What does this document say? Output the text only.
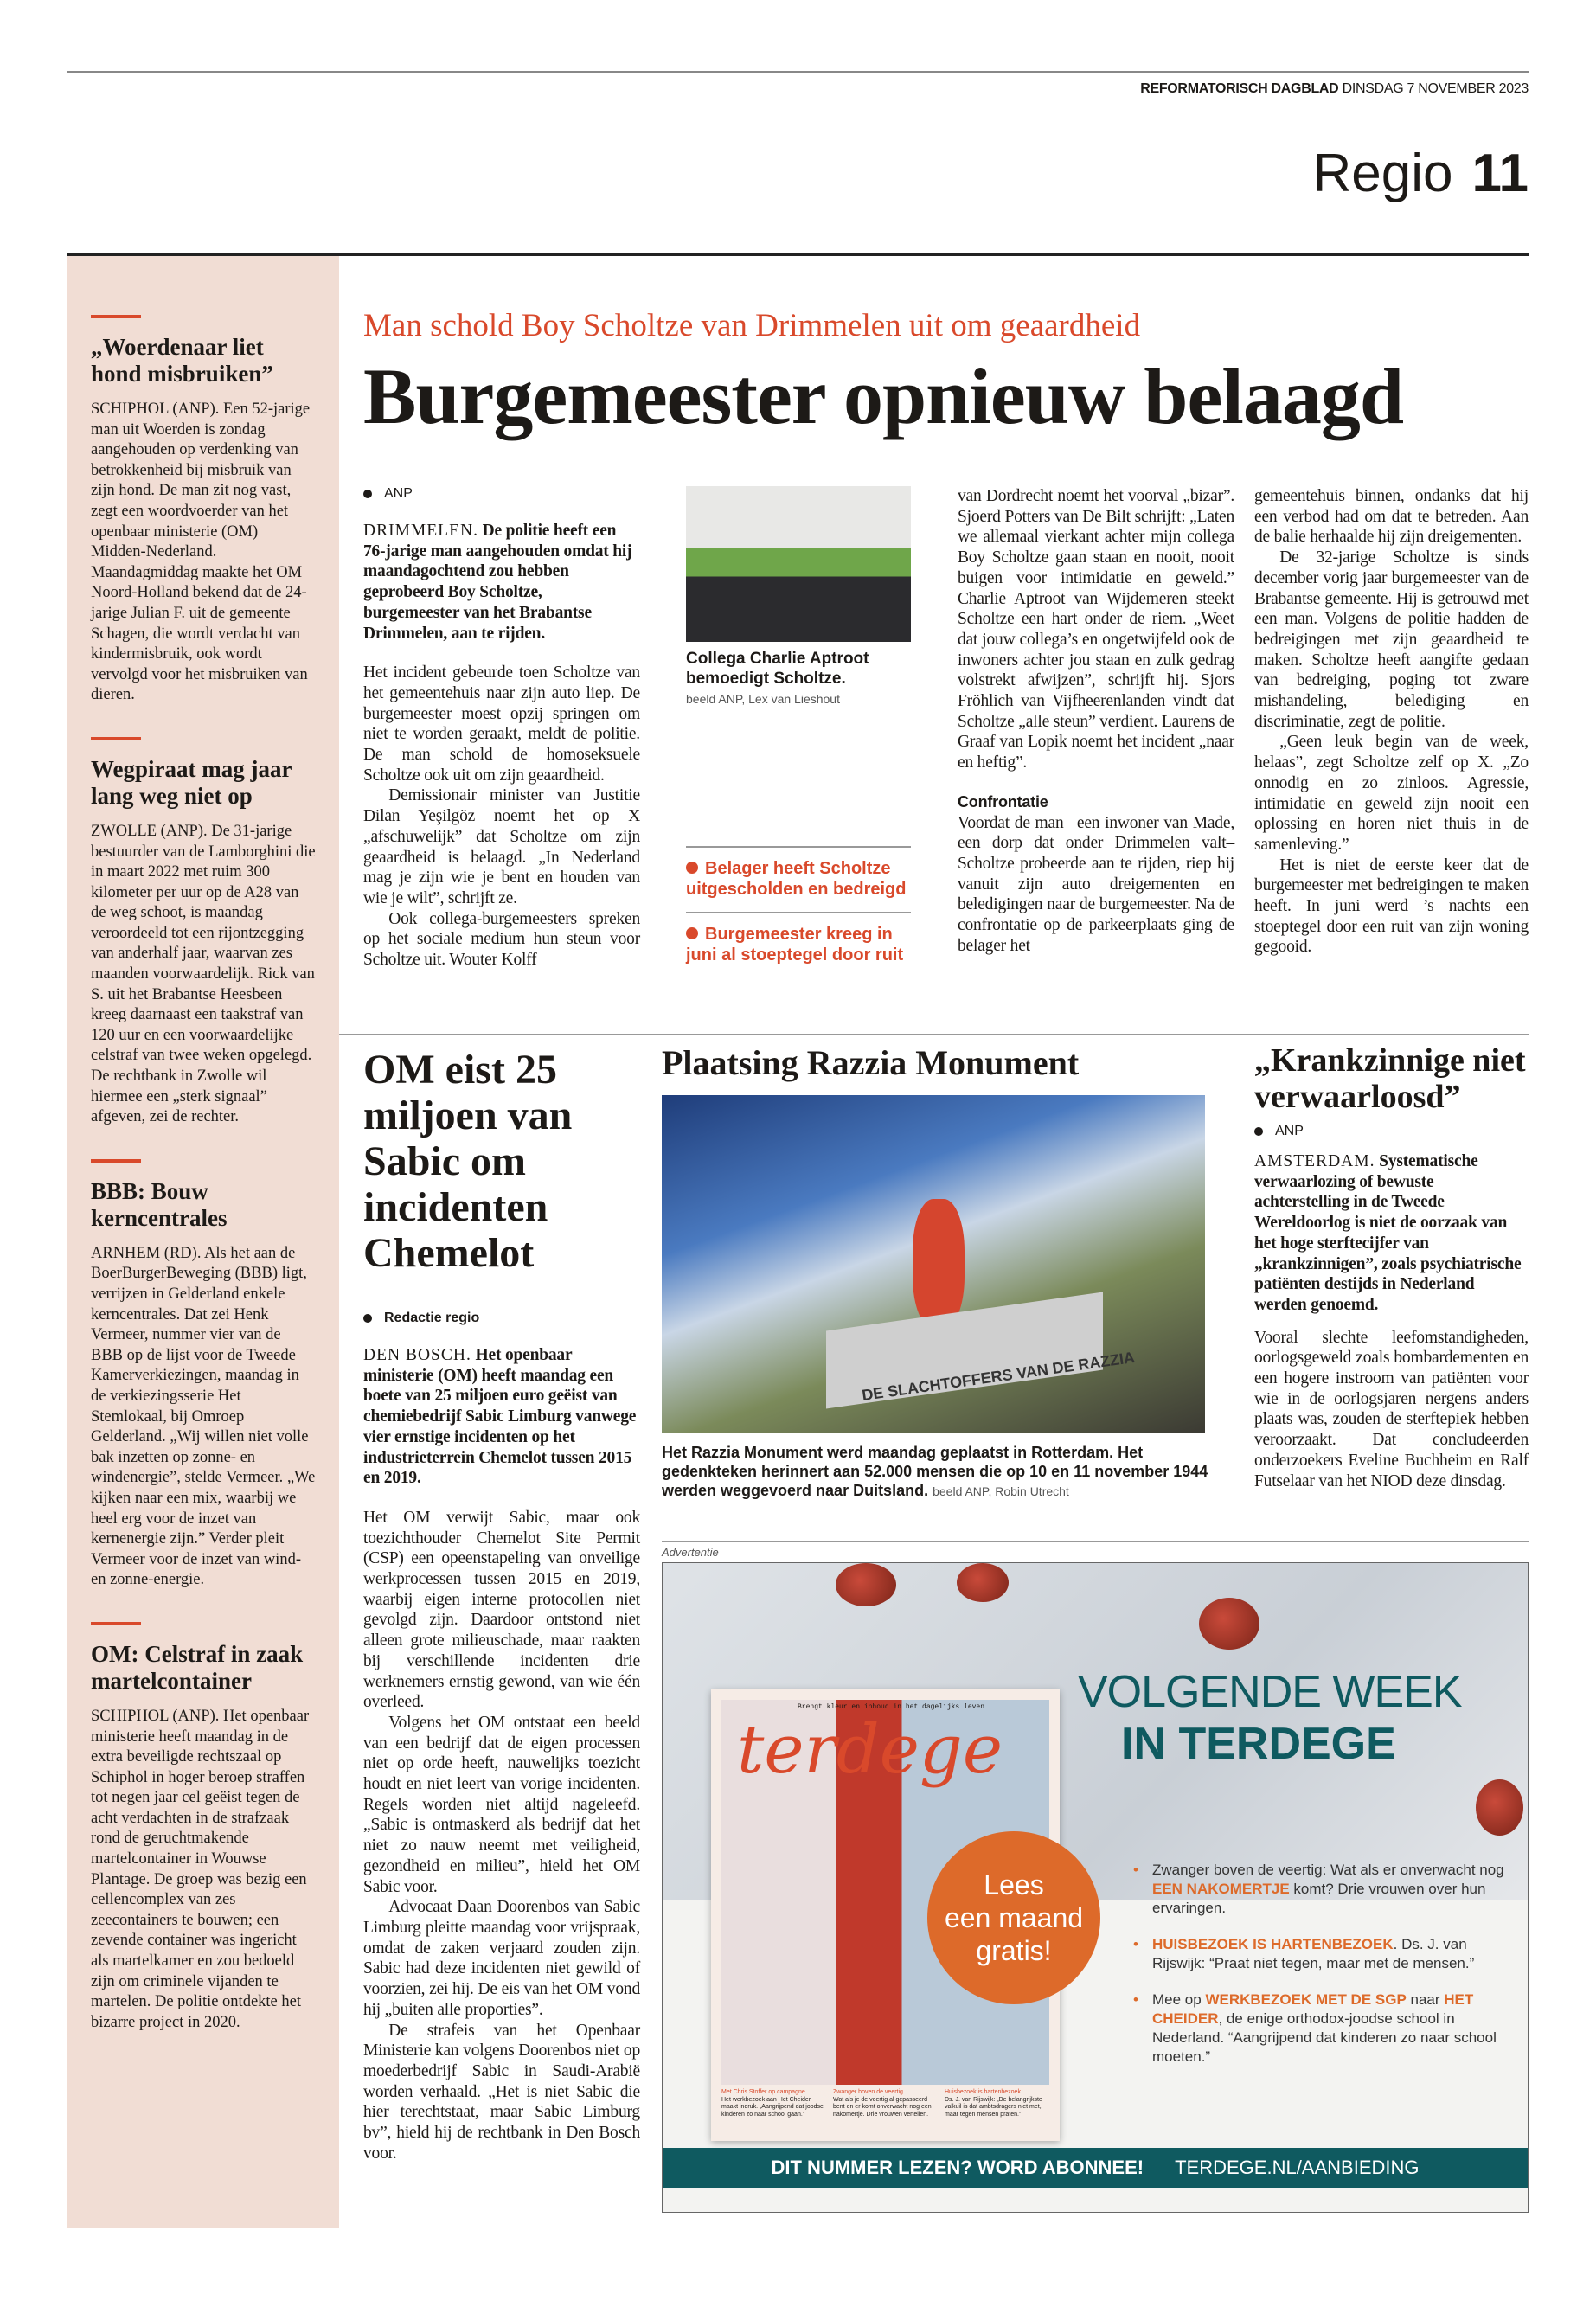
REFORMATORISCH DAGBLAD DINSDAG 7 NOVEMBER 2023
Regio 11
„Woerdenaar liet hond misbruiken”

SCHIPHOL (ANP). Een 52-jarige man uit Woerden is zondag aangehouden op verdenking van betrokkenheid bij misbruik van zijn hond. De man zit nog vast, zegt een woordvoerder van het openbaar ministerie (OM) Midden-Nederland. Maandagmiddag maakte het OM Noord-Holland bekend dat de 24-jarige Julian F. uit de gemeente Schagen, die wordt verdacht van kindermisbruik, ook wordt vervolgd voor het misbruiken van dieren.

Wegpiraat mag jaar lang weg niet op

ZWOLLE (ANP). De 31-jarige bestuurder van de Lamborghini die in maart 2022 met ruim 300 kilometer per uur op de A28 van de weg schoot, is maandag veroordeeld tot een rijontzegging van anderhalf jaar, waarvan zes maanden voorwaardelijk. Rick van S. uit het Brabantse Heesbeen kreeg daarnaast een taakstraf van 120 uur en een voorwaardelijke celstraf van twee weken opgelegd. De rechtbank in Zwolle wil hiermee een „sterk signaal” afgeven, zei de rechter.

BBB: Bouw kerncentrales

ARNHEM (RD). Als het aan de BoerBurgerBeweging (BBB) ligt, verrijzen in Gelderland enkele kerncentrales. Dat zei Henk Vermeer, nummer vier van de BBB op de lijst voor de Tweede Kamerverkiezingen, maandag in de verkiezingsserie Het Stemlokaal, bij Omroep Gelderland. „Wij willen niet volle bak inzetten op zonne- en windenergie”, stelde Vermeer. „We kijken naar een mix, waarbij we heel erg voor de inzet van kernenergie zijn.” Verder pleit Vermeer voor de inzet van wind- en zonne-energie.

OM: Celstraf in zaak martelcontainer

SCHIPHOL (ANP). Het openbaar ministerie heeft maandag in de extra beveiligde rechtszaal op Schiphol in hoger beroep straffen tot negen jaar cel geëist tegen de acht verdachten in de strafzaak rond de geruchtmakende martelcontainer in Wouwse Plantage. De groep was bezig een cellencomplex van zes zeecontainers te bouwen; een zevende container was ingericht als martelkamer en zou bedoeld zijn om criminele vijanden te martelen. De politie ontdekte het bizarre project in 2020.

Man schold Boy Scholtze van Drimmelen uit om geaardheid
Burgemeester opnieuw belaagd
ANP

DRIMMELEN. De politie heeft een 76-jarige man aangehouden omdat hij maandagochtend zou hebben geprobeerd Boy Scholtze, burgemeester van het Brabantse Drimmelen, aan te rijden.

Het incident gebeurde toen Scholtze van het gemeentehuis naar zijn auto liep. De burgemeester moest opzij springen om niet te worden geraakt, meldt de politie. De man schold de homoseksuele Scholtze ook uit om zijn geaardheid.

Demissionair minister van Justitie Dilan Yeşilgöz noemt het op X „afschuwelijk” dat Scholtze om zijn geaardheid is belaagd. „In Nederland mag je zijn wie je bent en houden van wie je wilt”, schrijft ze.

Ook collega-burgemeesters spreken op het sociale medium hun steun voor Scholtze uit. Wouter Kolff

Collega Charlie Aptroot bemoedigt Scholtze.
beeld ANP, Lex van Lieshout
Belager heeft Scholtze uitgescholden en bedreigd
Burgemeester kreeg in juni al stoeptegel door ruit

van Dordrecht noemt het voorval „bizar”. Sjoerd Potters van De Bilt schrijft: „Laten we allemaal vierkant achter mijn collega Boy Scholtze gaan staan en nooit, nooit buigen voor intimidatie en geweld.” Charlie Aptroot van Wijdemeren steekt Scholtze een hart onder de riem. „Weet dat jouw collega’s en ongetwijfeld ook de inwoners achter jou staan en zulk gedrag volstrekt afwijzen”, schrijft hij. Sjors Fröhlich van Vijfheerenlanden vindt dat Scholtze „alle steun” verdient. Laurens de Graaf van Lopik noemt het incident „naar en heftig”.

Confrontatie

Voordat de man –een inwoner van Made, een dorp dat onder Drimmelen valt– Scholtze probeerde aan te rijden, riep hij vanuit zijn auto dreigementen en beledigingen naar de burgemeester. Na de confrontatie op de parkeerplaats ging de belager het

gemeentehuis binnen, ondanks dat hij een verbod had om dat te betreden. Aan de balie herhaalde hij zijn dreigementen.

De 32-jarige Scholtze is sinds december vorig jaar burgemeester van de Brabantse gemeente. Hij is getrouwd met een man. Volgens de politie hadden de bedreigingen met zijn geaardheid te maken. Scholtze heeft aangifte gedaan van bedreiging, poging tot zware mishandeling, belediging en discriminatie, zegt de politie.

„Geen leuk begin van de week, helaas”, zegt Scholtze zelf op X. „Zo onnodig en zo zinloos. Agressie, intimidatie en geweld zijn nooit een oplossing en horen niet thuis in de samenleving.”

Het is niet de eerste keer dat de burgemeester met bedreigingen te maken heeft. In juni werd ’s nachts een stoeptegel door een ruit van zijn woning gegooid.

OM eist 25 miljoen van Sabic om incidenten Chemelot
Redactie regio

DEN BOSCH. Het openbaar ministerie (OM) heeft maandag een boete van 25 miljoen euro geëist van chemiebedrijf Sabic Limburg vanwege vier ernstige incidenten op het industrieterrein Chemelot tussen 2015 en 2019.

Het OM verwijt Sabic, maar ook toezichthouder Chemelot Site Permit (CSP) een opeenstapeling van onveilige werkprocessen tussen 2015 en 2019, waarbij eigen interne protocollen niet gevolgd zijn. Daardoor ontstond niet alleen grote milieuschade, maar raakten bij verschillende incidenten drie werknemers ernstig gewond, van wie één overleed.

Volgens het OM ontstaat een beeld van een bedrijf dat de eigen processen niet op orde heeft, nauwelijks toezicht houdt en niet leert van vorige incidenten. Regels worden niet altijd nageleefd. „Sabic is ontmaskerd als bedrijf dat het niet zo nauw neemt met veiligheid, gezondheid en milieu”, hield het OM Sabic voor.

Advocaat Daan Doorenbos van Sabic Limburg pleitte maandag voor vrijspraak, omdat de zaken verjaard zouden zijn. Sabic had deze incidenten niet gewild of voorzien, zei hij. De eis van het OM vond hij „buiten alle proporties”.

De strafeis van het Openbaar Ministerie kan volgens Doorenbos niet op moederbedrijf Sabic in Saudi-Arabië worden verhaald. „Het is niet Sabic die hier terechtstaat, maar Sabic Limburg bv”, hield hij de rechtbank in Den Bosch voor.

Plaatsing Razzia Monument
DE SLACHTOFFERS VAN DE RAZZIA

Het Razzia Monument werd maandag geplaatst in Rotterdam. Het gedenkteken herinnert aan 52.000 mensen die op 10 en 11 november 1944 werden weggevoerd naar Duitsland. beeld ANP, Robin Utrecht

„Krankzinnige niet verwaarloosd”
ANP

AMSTERDAM. Systematische verwaarlozing of bewuste achterstelling in de Tweede Wereldoorlog is niet de oorzaak van het hoge sterftecijfer van „krankzinnigen”, zoals psychiatrische patiënten destijds in Nederland werden genoemd.

Vooral slechte leefomstandigheden, oorlogsgeweld zoals bombardementen en een hogere instroom van patiënten voor wie in de oorlogsjaren nergens anders plaats was, zouden de sterftepiek hebben veroorzaakt. Dat concludeerden onderzoekers Eveline Buchheim en Ralf Futselaar van het NIOD deze dinsdag.

Advertentie
Brengt kleur en inhoud in het dagelijks leven
terdege
Met Chris Stoffer op campagne
Het werkbezoek aan Het Cheider maakt indruk. „Aangrijpend dat joodse kinderen zo naar school gaan.”
Zwanger boven de veertig
Wat als je de veertig al gepasseerd bent en er komt onverwacht nog een nakomertje. Drie vrouwen vertellen.
Huisbezoek is hartenbezoek
Ds. J. van Rijswijk: „De belangrijkste valkuil is dat ambtsdragers niet met, maar tegen mensen praten.”
Lees
een maand
gratis!
VOLGENDE WEEK
IN TERDEGE
• Zwanger boven de veertig: Wat als er onverwacht nog EEN NAKOMERTJE komt? Drie vrouwen over hun ervaringen.
• HUISBEZOEK IS HARTENBEZOEK. Ds. J. van Rijswijk: “Praat niet tegen, maar met de mensen.”
• Mee op WERKBEZOEK MET DE SGP naar HET CHEIDER, de enige orthodox-joodse school in Nederland. “Aangrijpend dat kinderen zo naar school moeten.”
DIT NUMMER LEZEN? WORD ABONNEE! TERDEGE.NL/AANBIEDING
